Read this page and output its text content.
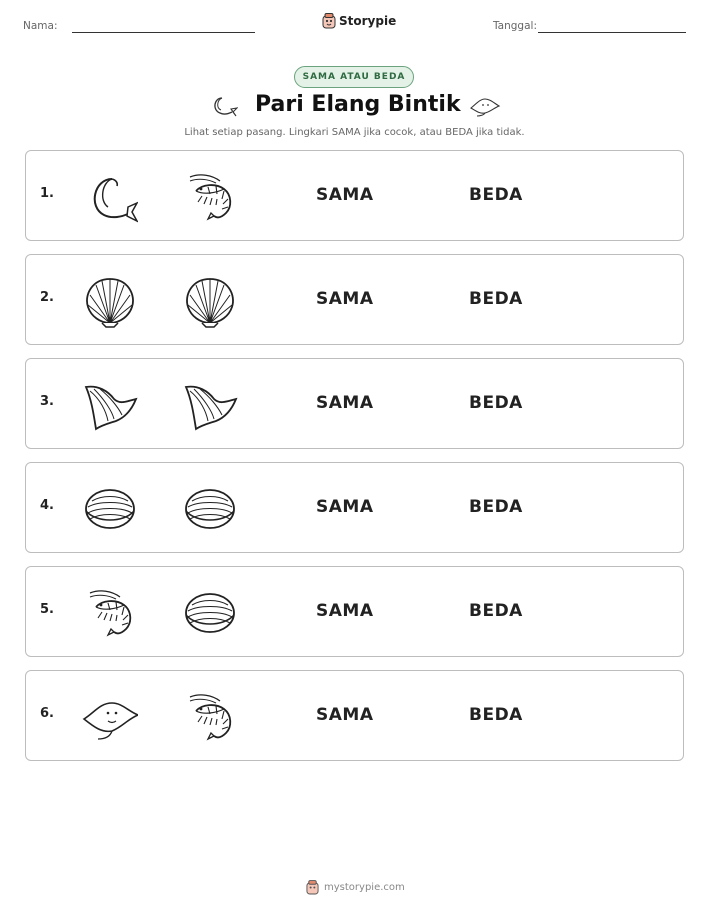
Nama:	Storypie	Tanggal:
SAMA ATAU BEDA
Pari Elang Bintik
Lihat setiap pasang. Lingkari SAMA jika cocok, atau BEDA jika tidak.
1.	SAMA	BEDA
2.	SAMA	BEDA
3.	SAMA	BEDA
4.	SAMA	BEDA
5.	SAMA	BEDA
6.	SAMA	BEDA
mystorypie.com
